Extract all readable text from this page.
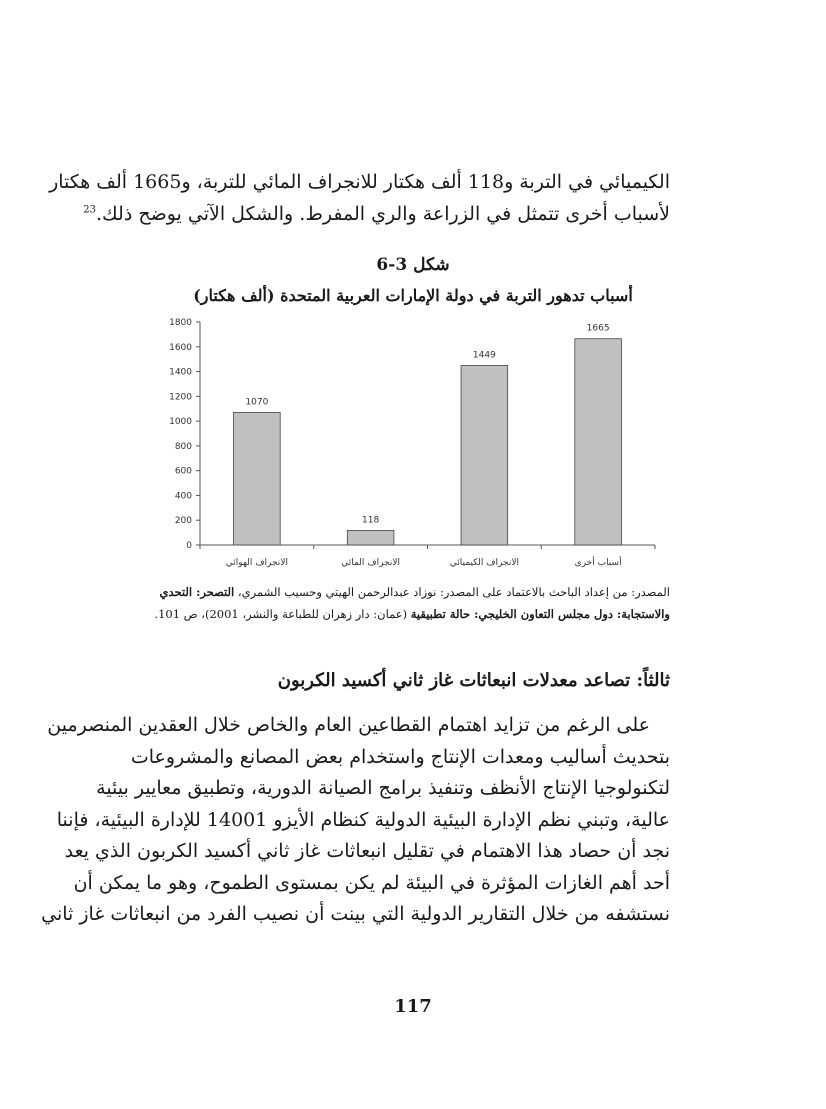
الكيميائي في التربة و118 ألف هكتار للانجراف المائي للتربة، و1665 ألف هكتار
لأسباب أخرى تتمثل في الزراعة والري المفرط. والشكل الآتي يوضح ذلك.$^{23}$
شكل 3-6
أسباب تدهور التربة في دولة الإمارات العربية المتحدة (ألف هكتار)
0
200
400
600
800
1000
1200
1400
1600
1800
1070
الانجراف الهوائي
118
الانجراف المائي
1449
الانجراف الكيميائي
1665
أسباب أخرى
المصدر: من إعداد الباحث بالاعتماد على المصدر: نوزاد عبدالرحمن الهيتي وحسيب الشمري، التصحر: التحدي
والاستجابة: دول مجلس التعاون الخليجي: حالة تطبيقية (عمان: دار زهران للطباعة والنشر، 2001)، ص 101.
ثالثاً: تصاعد معدلات انبعاثات غاز ثاني أكسيد الكربون
على الرغم من تزايد اهتمام القطاعين العام والخاص خلال العقدين المنصرمين
بتحديث أساليب ومعدات الإنتاج واستخدام بعض المصانع والمشروعات
لتكنولوجيا الإنتاج الأنظف وتنفيذ برامج الصيانة الدورية، وتطبيق معايير بيئية
عالية، وتبني نظم الإدارة البيئية الدولية كنظام الأيزو 14001 للإدارة البيئية، فإننا
نجد أن حصاد هذا الاهتمام في تقليل انبعاثات غاز ثاني أكسيد الكربون الذي يعد
أحد أهم الغازات المؤثرة في البيئة لم يكن بمستوى الطموح، وهو ما يمكن أن
نستشفه من خلال التقارير الدولية التي بينت أن نصيب الفرد من انبعاثات غاز ثاني
117
